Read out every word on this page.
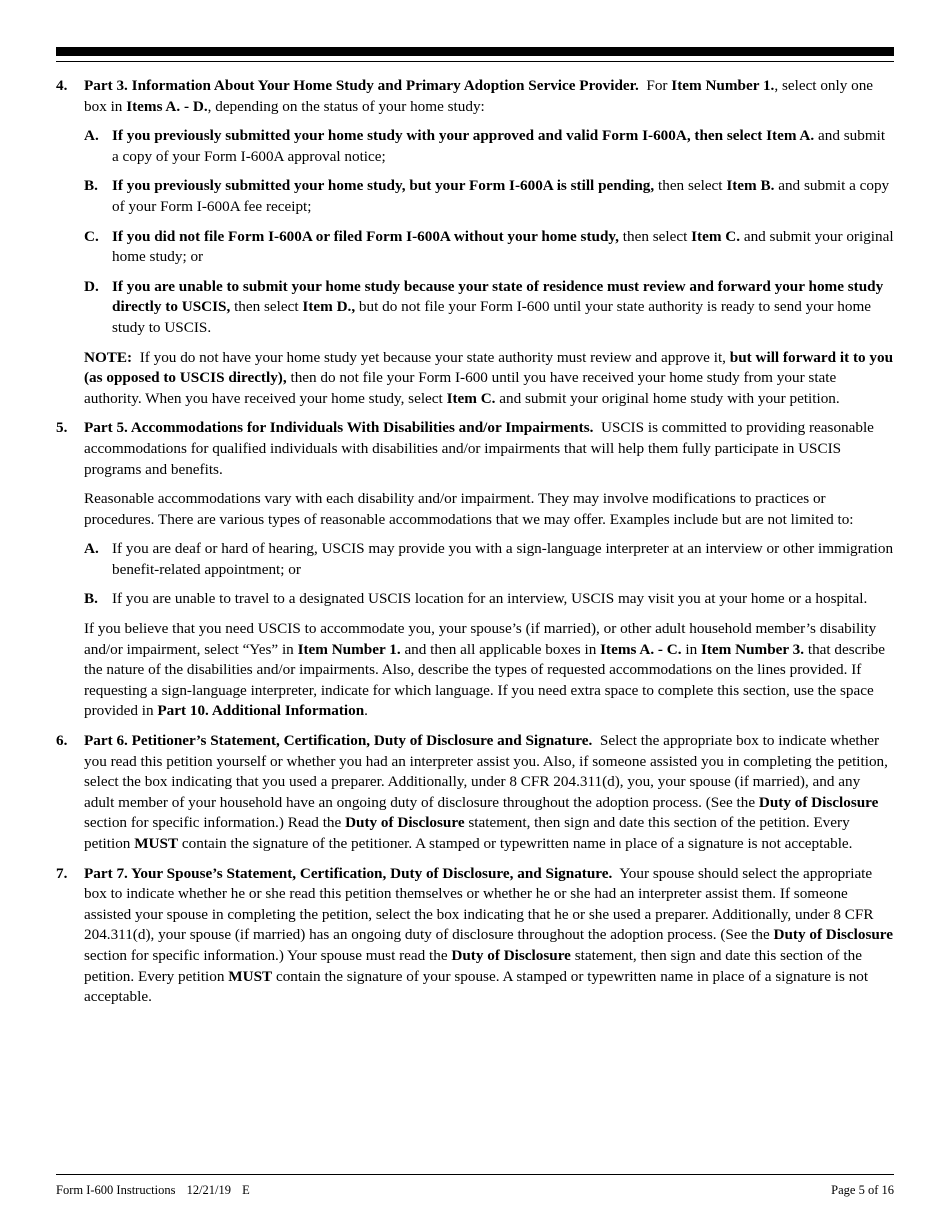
4. Part 3. Information About Your Home Study and Primary Adoption Service Provider. For Item Number 1., select only one box in Items A. - D., depending on the status of your home study:

A. If you previously submitted your home study with your approved and valid Form I-600A, then select Item A. and submit a copy of your Form I-600A approval notice;
B. If you previously submitted your home study, but your Form I-600A is still pending, then select Item B. and submit a copy of your Form I-600A fee receipt;
C. If you did not file Form I-600A or filed Form I-600A without your home study, then select Item C. and submit your original home study; or
D. If you are unable to submit your home study because your state of residence must review and forward your home study directly to USCIS, then select Item D., but do not file your Form I-600 until your state authority is ready to send your home study to USCIS.

NOTE: If you do not have your home study yet because your state authority must review and approve it, but will forward it to you (as opposed to USCIS directly), then do not file your Form I-600 until you have received your home study from your state authority. When you have received your home study, select Item C. and submit your original home study with your petition.

5. Part 5. Accommodations for Individuals With Disabilities and/or Impairments. USCIS is committed to providing reasonable accommodations for qualified individuals with disabilities and/or impairments that will help them fully participate in USCIS programs and benefits.

Reasonable accommodations vary with each disability and/or impairment. They may involve modifications to practices or procedures. There are various types of reasonable accommodations that we may offer. Examples include but are not limited to:

A. If you are deaf or hard of hearing, USCIS may provide you with a sign-language interpreter at an interview or other immigration benefit-related appointment; or
B. If you are unable to travel to a designated USCIS location for an interview, USCIS may visit you at your home or a hospital.

If you believe that you need USCIS to accommodate you, your spouse’s (if married), or other adult household member’s disability and/or impairment, select “Yes” in Item Number 1. and then all applicable boxes in Items A. - C. in Item Number 3. that describe the nature of the disabilities and/or impairments. Also, describe the types of requested accommodations on the lines provided. If requesting a sign-language interpreter, indicate for which language. If you need extra space to complete this section, use the space provided in Part 10. Additional Information.

6. Part 6. Petitioner’s Statement, Certification, Duty of Disclosure and Signature. Select the appropriate box to indicate whether you read this petition yourself or whether you had an interpreter assist you. Also, if someone assisted you in completing the petition, select the box indicating that you used a preparer. Additionally, under 8 CFR 204.311(d), you, your spouse (if married), and any adult member of your household have an ongoing duty of disclosure throughout the adoption process. (See the Duty of Disclosure section for specific information.) Read the Duty of Disclosure statement, then sign and date this section of the petition. Every petition MUST contain the signature of the petitioner. A stamped or typewritten name in place of a signature is not acceptable.

7. Part 7. Your Spouse’s Statement, Certification, Duty of Disclosure, and Signature. Your spouse should select the appropriate box to indicate whether he or she read this petition themselves or whether he or she had an interpreter assist them. If someone assisted your spouse in completing the petition, select the box indicating that he or she used a preparer. Additionally, under 8 CFR 204.311(d), your spouse (if married) has an ongoing duty of disclosure throughout the adoption process. (See the Duty of Disclosure section for specific information.) Your spouse must read the Duty of Disclosure statement, then sign and date this section of the petition. Every petition MUST contain the signature of your spouse. A stamped or typewritten name in place of a signature is not acceptable.

Form I-600 Instructions 12/21/19 E	Page 5 of 16
